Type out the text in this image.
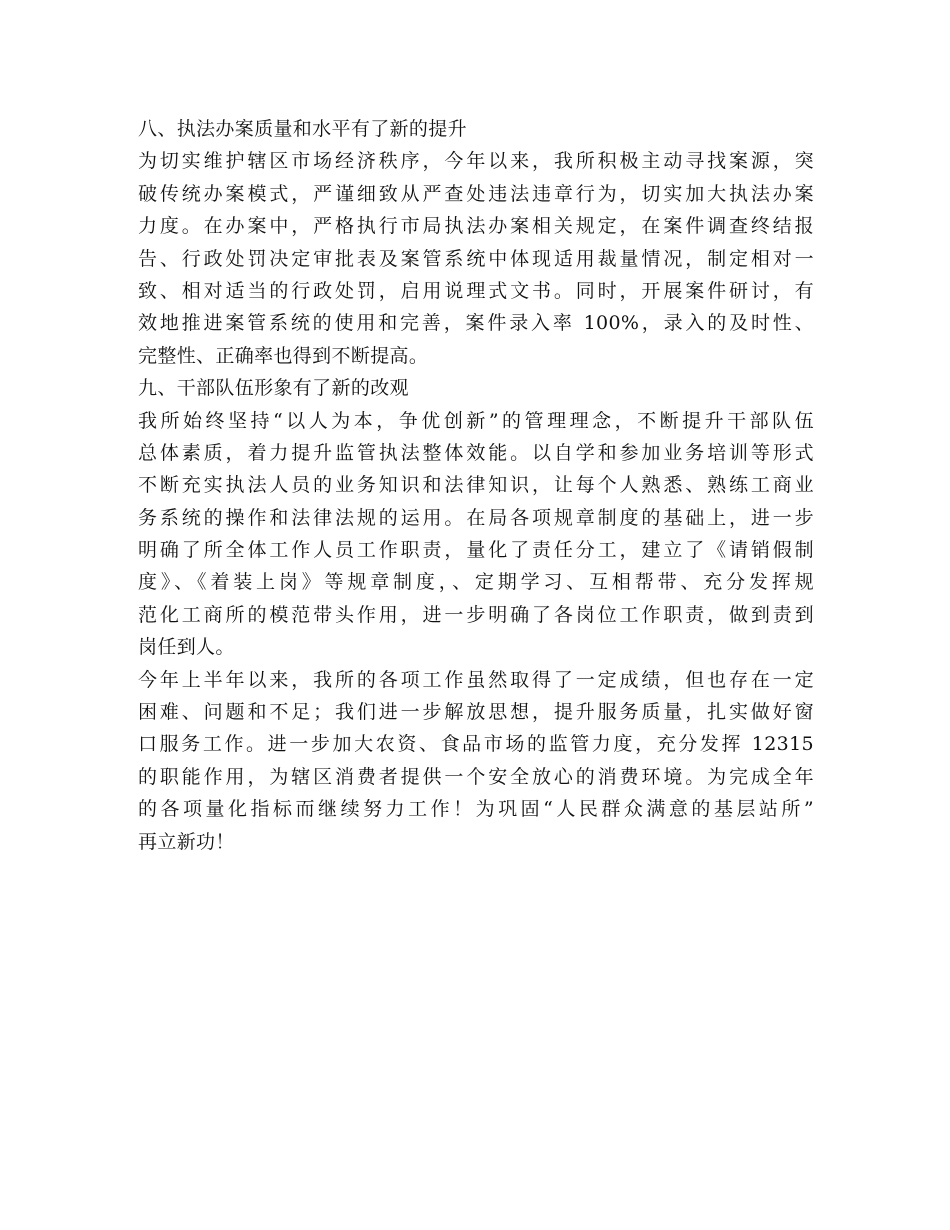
八、执法办案质量和水平有了新的提升
为切实维护辖区市场经济秩序，今年以来，我所积极主动寻找案源，突
破传统办案模式，严谨细致从严查处违法违章行为，切实加大执法办案
力度。在办案中，严格执行市局执法办案相关规定，在案件调查终结报
告、行政处罚决定审批表及案管系统中体现适用裁量情况，制定相对一
致、相对适当的行政处罚，启用说理式文书。同时，开展案件研讨，有
效地推进案管系统的使用和完善，案件录入率 100%，录入的及时性、
完整性、正确率也得到不断提高。
九、干部队伍形象有了新的改观
我所始终坚持“以人为本，争优创新”的管理理念，不断提升干部队伍
总体素质，着力提升监管执法整体效能。以自学和参加业务培训等形式
不断充实执法人员的业务知识和法律知识，让每个人熟悉、熟练工商业
务系统的操作和法律法规的运用。在局各项规章制度的基础上，进一步
明确了所全体工作人员工作职责，量化了责任分工，建立了《请销假制
度》、《着装上岗》等规章制度，、定期学习、互相帮带、充分发挥规
范化工商所的模范带头作用，进一步明确了各岗位工作职责，做到责到
岗任到人。
今年上半年以来，我所的各项工作虽然取得了一定成绩，但也存在一定
困难、问题和不足；我们进一步解放思想，提升服务质量，扎实做好窗
口服务工作。进一步加大农资、食品市场的监管力度，充分发挥 12315
的职能作用，为辖区消费者提供一个安全放心的消费环境。为完成全年
的各项量化指标而继续努力工作！为巩固“人民群众满意的基层站所”
再立新功！
